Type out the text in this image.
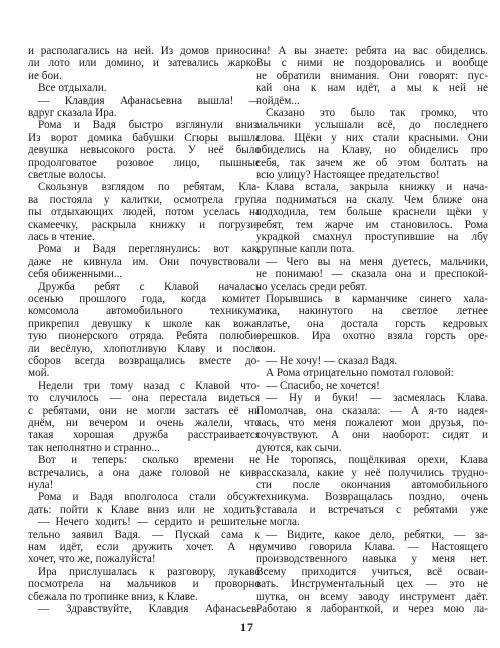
и располагались на ней. Из домов приноси-
ли лото или домино, и затевались жарко-
ие бои.
Все отдыхали.
— Клавдия Афанасьевна вышла! —
вдруг сказала Ира.
Рома и Вадя быстро взглянули вниз.
Из ворот домика бабушки Сгюры вышла
девушка невысокого роста. У неё было
продолговатое розовое лицо, пышные
светлые волосы.
Скользнув взглядом по ребятам, Кла-
ва постояла у калитки, осмотрела груп-
пы отдыхающих людей, потом уселась на
скамеечку, раскрыла книжку и погрузи-
лась в чтение.
Рома и Вадя переглянулись: вот как,
даже не кивнула им. Они почувствовали
себя обиженными...
Дружба ребят с Клавой началась
осенью прошлого года, когда комитет
комсомола автомобильного техникума
прикрепил девушку к школе как вожа-
тую пионерского отряда. Ребята полюби-
ли весёлую, хлопотливую Клаву и после
сборов всегда возвращались вместе до-
мой.
Недели три тому назад с Клавой что-
то случилось — она перестала видеться
с ребятами, они не могли застать её ни
днём, ни вечером и очень жалели, что
такая хорошая дружба расстраивается
так неполнятно и странно...
Вот и теперь: сколько времени не
встречались, а она даже головой не кив-
нула!
Рома и Вадя вполголоса стали обсуж-
дать: пойти к Клаве вниз или не ходить?
— Нечего ходить! — сердито и решитель-
тельно заявил Вадя. — Пускай сама к
нам идёт, если дружить хочет. А не
хочет, что же, пожалуйста!
Ира прислушалась к разговору, лукаво
посмотрела на мальчиков и проворно
сбежала по тропинке вниз, к Клаве.
— Здравствуйте, Клавдия Афанасьев-
на! А вы знаете: ребята на вас обиделись.
Вы с ними не поздоровались и вообще
не обратили внимания. Они говорят: пус-
кай она к нам идёт, а мы к ней не
пойдём...
Сказано это было так громко, что
мальчики услышали всё, до последнего
слова. Щёки у них стали красными. Они
обиделись на Клаву, но обиделись про
себя, так зачем же об этом болтать на
всю улицу? Настоящее предательство!
Клава встала, закрыла книжку и нача-
ла подниматься на скалу. Чем ближе она
подходила, тем больше краснели щёки у
ребят, тем жарче им становилось. Рома
украдкой смахнул проступившие на лбу
крупные капли пота.
— Чего вы на меня дуетесь, мальчики,
не понимаю! — сказала она и преспокой-
но уселась среди ребят.
Порывшись в карманчике синего хала-
тика, накинутого на светлое летнее
платье, она достала горсть кедровых
орешков. Ира охотно взяла горсть оре-
хон.
— Не хочу! — сказал Вадя.
А Рома отрицательно помотал головой:
— Спасибо, не хочется!
— Ну и буки! — засмеялась Клава.
Помолчав, она сказала: — А я-то надея-
лась, что меня пожалеют мои друзья, по-
сочувствуют. А они наоборот: сидят и
дуются, как сычи.
Не торопясь, пощёлкивая орехи, Клава
рассказала, какие у неё получились трудно-
сти после окончания автомобильного
техникума. Возвращалась поздно, очень
уставала и встречаться с ребятами уже
не могла.
— Видите, какое дело, ребятки, — за-
думчиво говорила Клава. — Настоящего
производственного навыка у меня нет.
Всему приходится учиться, всё осваи-
вать. Инструментальный цех — это не
шутка, он всему заводу инструмент даёт.
Работаю я лаборанткой, и через мою ла-
17
